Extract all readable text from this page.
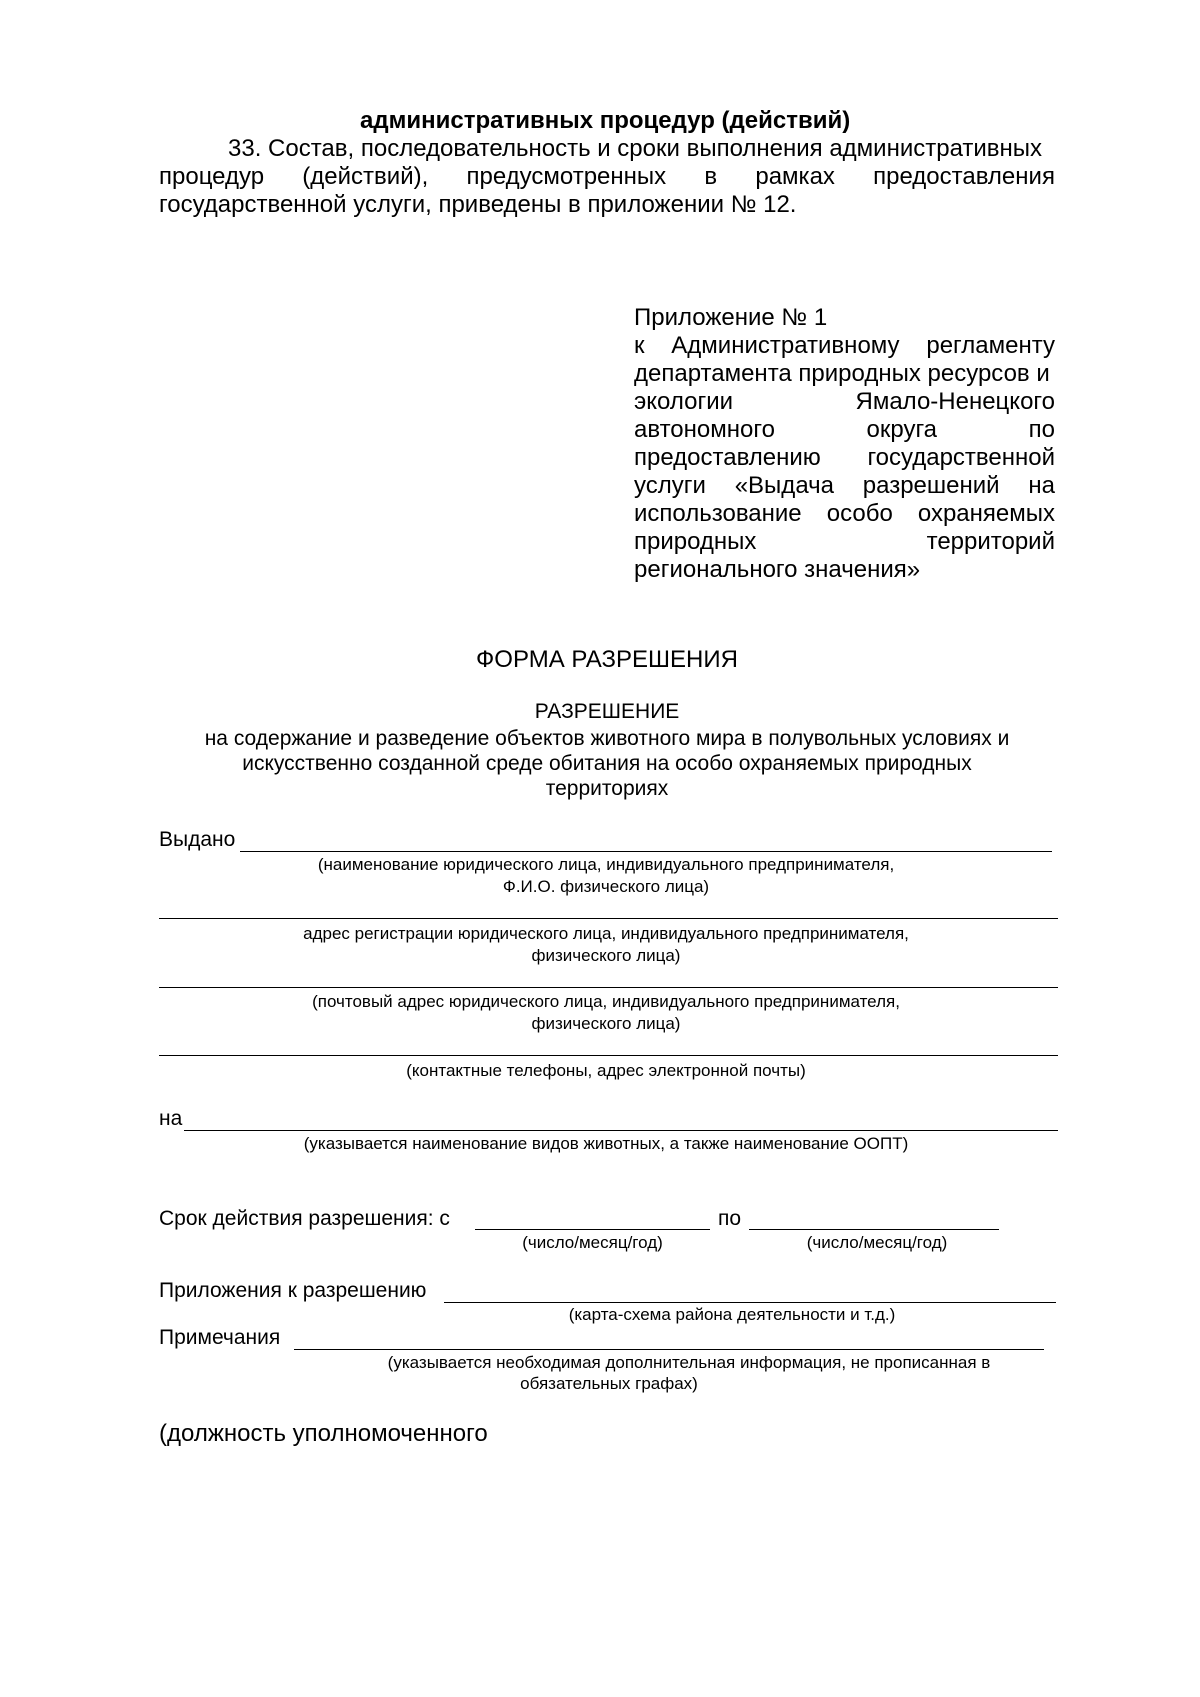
административных процедур (действий)
33. Состав, последовательность и сроки выполнения административных
процедур (действий), предусмотренных в рамках предоставления
государственной услуги, приведены в приложении № 12.
Приложение № 1
к Административному регламенту
департамента природных ресурсов и
экологии	Ямало-Ненецкого
автономного	округа	по
предоставлению государственной
услуги «Выдача разрешений на
использование особо охраняемых
природных	территорий
регионального значения»
ФОРМА РАЗРЕШЕНИЯ
РАЗРЕШЕНИЕ
на содержание и разведение объектов животного мира в полувольных условиях и
искусственно созданной среде обитания на особо охраняемых природных
территориях
Выдано
(наименование юридического лица, индивидуального предпринимателя,
Ф.И.О. физического лица)
адрес регистрации юридического лица, индивидуального предпринимателя,
физического лица)
(почтовый адрес юридического лица, индивидуального предпринимателя,
физического лица)
(контактные телефоны, адрес электронной почты)
на
(указывается наименование видов животных, а также наименование ООПТ)
Срок действия разрешения: с	по
(число/месяц/год)	(число/месяц/год)
Приложения к разрешению
(карта-схема района деятельности и т.д.)
Примечания
(указывается необходимая дополнительная информация, не прописанная в
обязательных графах)
(должность уполномоченного
